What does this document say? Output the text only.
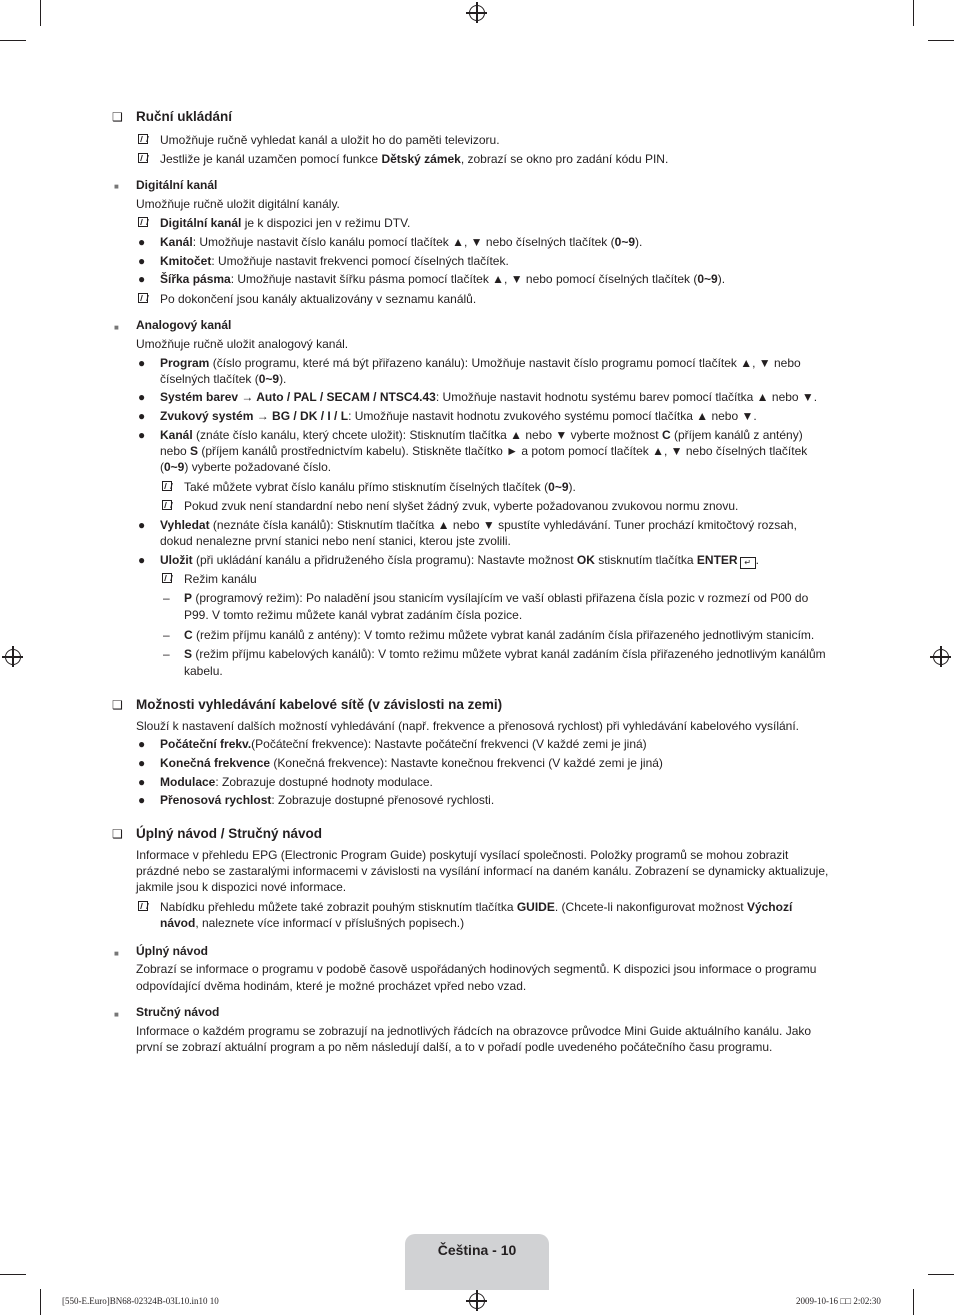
❑ Ruční ukládání
Umožňuje ručně vyhledat kanál a uložit ho do paměti televizoru.
Jestliže je kanál uzamčen pomocí funkce Dětský zámek, zobrazí se okno pro zadání kódu PIN.
■ Digitální kanál
Umožňuje ručně uložit digitální kanály.
Digitální kanál je k dispozici jen v režimu DTV.
● Kanál: Umožňuje nastavit číslo kanálu pomocí tlačítek ▲, ▼ nebo číselných tlačítek (0~9).
● Kmitočet: Umožňuje nastavit frekvenci pomocí číselných tlačítek.
● Šířka pásma: Umožňuje nastavit šířku pásma pomocí tlačítek ▲, ▼ nebo pomocí číselných tlačítek (0~9).
Po dokončení jsou kanály aktualizovány v seznamu kanálů.
■ Analogový kanál
Umožňuje ručně uložit analogový kanál.
● Program (číslo programu, které má být přiřazeno kanálu): Umožňuje nastavit číslo programu pomocí tlačítek ▲, ▼ nebo
číselných tlačítek (0~9).
● Systém barev → Auto / PAL / SECAM / NTSC4.43: Umožňuje nastavit hodnotu systému barev pomocí tlačítka ▲ nebo ▼.
● Zvukový systém → BG / DK / I / L: Umožňuje nastavit hodnotu zvukového systému pomocí tlačítka ▲ nebo ▼.
● Kanál (znáte číslo kanálu, který chcete uložit): Stisknutím tlačítka ▲ nebo ▼ vyberte možnost C (příjem kanálů z antény)
nebo S (příjem kanálů prostřednictvím kabelu). Stiskněte tlačítko ► a potom pomocí tlačítek ▲, ▼ nebo číselných tlačítek
(0~9) vyberte požadované číslo.
Také můžete vybrat číslo kanálu přímo stisknutím číselných tlačítek (0~9).
Pokud zvuk není standardní nebo není slyšet žádný zvuk, vyberte požadovanou zvukovou normu znovu.
● Vyhledat (neznáte čísla kanálů): Stisknutím tlačítka ▲ nebo ▼ spustíte vyhledávání. Tuner prochází kmitočtový rozsah,
dokud nenalezne první stanici nebo není stanici, kterou jste zvolili.
● Uložit (při ukládání kanálu a přidruženého čísla programu): Nastavte možnost OK stisknutím tlačítka ENTER ↵ .
Režim kanálu
– P (programový režim): Po naladění jsou stanicím vysílajícím ve vaší oblasti přiřazena čísla pozic v rozmezí od P00 do
P99. V tomto režimu můžete kanál vybrat zadáním čísla pozice.
– C (režim příjmu kanálů z antény): V tomto režimu můžete vybrat kanál zadáním čísla přiřazeného jednotlivým stanicím.
– S (režim příjmu kabelových kanálů): V tomto režimu můžete vybrat kanál zadáním čísla přiřazeného jednotlivým kanálům
kabelu.
❑ Možnosti vyhledávání kabelové sítě (v závislosti na zemi)
Slouží k nastavení dalších možností vyhledávání (např. frekvence a přenosová rychlost) při vyhledávání kabelového vysílání.
● Počáteční frekv.(Počáteční frekvence): Nastavte počáteční frekvenci (V každé zemi je jiná)
● Konečná frekvence (Konečná frekvence): Nastavte konečnou frekvenci (V každé zemi je jiná)
● Modulace: Zobrazuje dostupné hodnoty modulace.
● Přenosová rychlost: Zobrazuje dostupné přenosové rychlosti.
❑ Úplný návod / Stručný návod
Informace v přehledu EPG (Electronic Program Guide) poskytují vysílací společnosti. Položky programů se mohou zobrazit
prázdné nebo se zastaralými informacemi v závislosti na vysílání informací na daném kanálu. Zobrazení se dynamicky aktualizuje,
jakmile jsou k dispozici nové informace.
Nabídku přehledu můžete také zobrazit pouhým stisknutím tlačítka GUIDE. (Chcete-li nakonfigurovat možnost Výchozí
návod, naleznete více informací v příslušných popisech.)
■ Úplný návod
Zobrazí se informace o programu v podobě časově uspořádaných hodinových segmentů. K dispozici jsou informace o programu
odpovídající dvěma hodinám, které je možné procházet vpřed nebo vzad.
■ Stručný návod
Informace o každém programu se zobrazují na jednotlivých řádcích na obrazovce průvodce Mini Guide aktuálního kanálu. Jako
první se zobrazí aktuální program a po něm následují další, a to v pořadí podle uvedeného počátečního času programu.
Čeština - 10
[550-E.Euro]BN68-02324B-03L10.in10 10	2009-10-16 □□ 2:02:30
